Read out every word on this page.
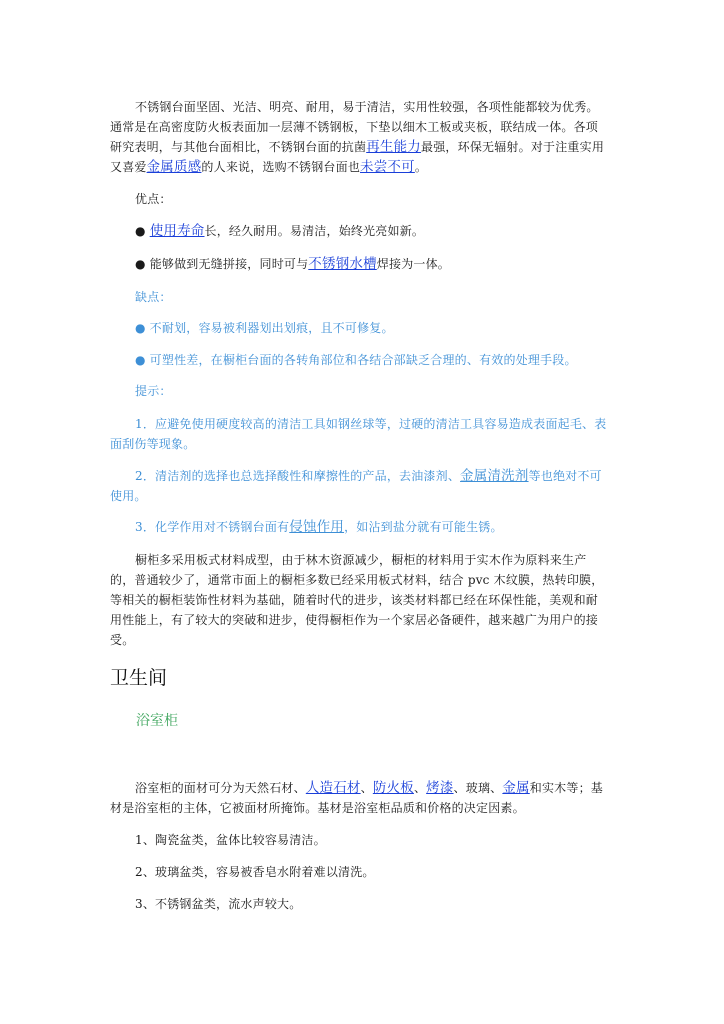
不锈钢台面坚固、光洁、明亮、耐用，易于清洁，实用性较强，各项性能都较为优秀。通常是在高密度防火板表面加一层薄不锈钢板，下垫以细木工板或夹板，联结成一体。各项研究表明，与其他台面相比，不锈钢台面的抗菌再生能力最强，环保无辐射。对于注重实用又喜爱金属质感的人来说，选购不锈钢台面也未尝不可。
优点：
● 使用寿命长，经久耐用。易清洁，始终光亮如新。
● 能够做到无缝拼接，同时可与不锈钢水槽焊接为一体。
缺点：
● 不耐划，容易被利器划出划痕，且不可修复。
● 可塑性差，在橱柜台面的各转角部位和各结合部缺乏合理的、有效的处理手段。
提示：
1．应避免使用硬度较高的清洁工具如钢丝球等，过硬的清洁工具容易造成表面起毛、表面刮伤等现象。
2．清洁剂的选择也总选择酸性和摩擦性的产品，去油漆剂、金属清洗剂等也绝对不可使用。
3．化学作用对不锈钢台面有侵蚀作用，如沾到盐分就有可能生锈。
橱柜多采用板式材料成型，由于林木资源减少，橱柜的材料用于实木作为原料来生产的，普通较少了，通常市面上的橱柜多数已经采用板式材料，结合 pvc 木纹膜，热转印膜，等相关的橱柜装饰性材料为基础，随着时代的进步，该类材料都已经在环保性能，美观和耐用性能上，有了较大的突破和进步，使得橱柜作为一个家居必备硬件，越来越广为用户的接受。
卫生间
浴室柜
浴室柜的面材可分为天然石材、人造石材、防火板、烤漆、玻璃、金属和实木等；基材是浴室柜的主体，它被面材所掩饰。基材是浴室柜品质和价格的决定因素。
1、陶瓷盆类，盆体比较容易清洁。
2、玻璃盆类，容易被香皂水附着难以清洗。
3、不锈钢盆类，流水声较大。
